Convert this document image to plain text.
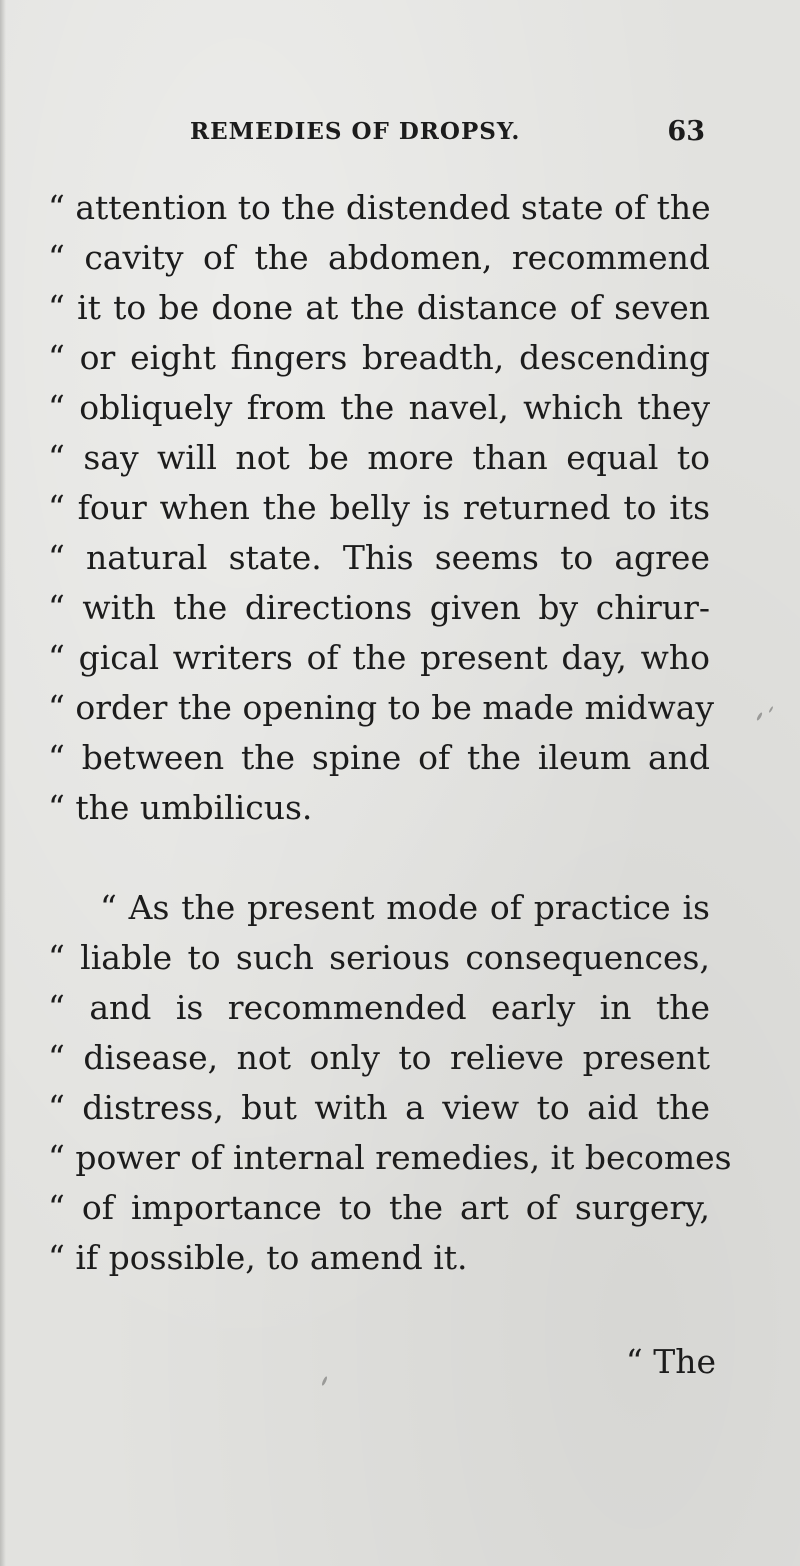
REMEDIES OF DROPSY.	63
“ attention to the distended state of the
“ cavity of the abdomen, recommend
“ it to be done at the distance of seven
“ or eight fingers breadth, descending
“ obliquely from the navel, which they
“ say will not be more than equal to
“ four when the belly is returned to its
“ natural state. This seems to agree
“ with the directions given by chirur-
“ gical writers of the present day, who
“ order the opening to be made midway
“ between the spine of the ileum and
“ the umbilicus.
“ As the present mode of practice is
“ liable to such serious consequences,
“ and is recommended early in the
“ disease, not only to relieve present
“ distress, but with a view to aid the
“ power of internal remedies, it becomes
“ of importance to the art of surgery,
“ if possible, to amend it.
“ The
